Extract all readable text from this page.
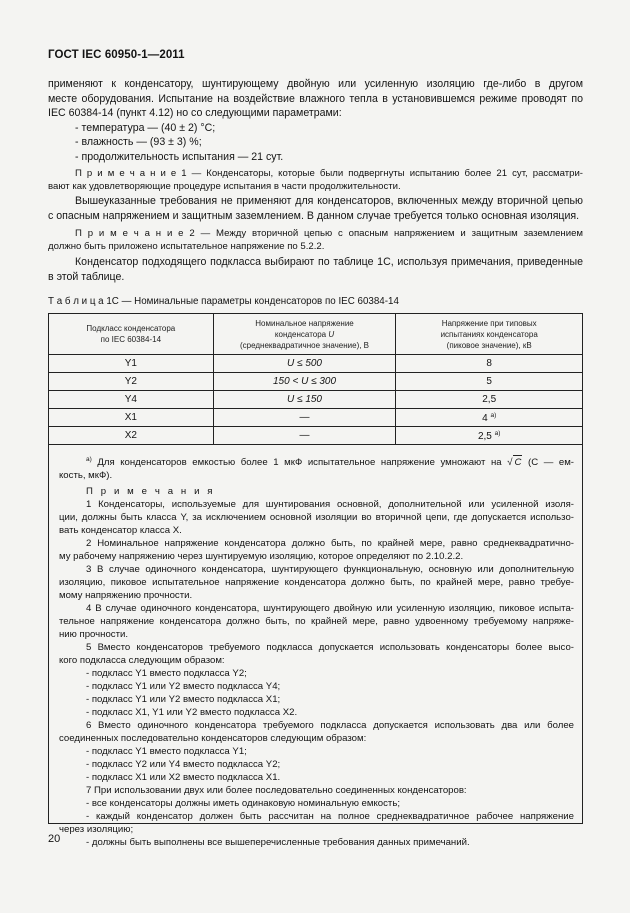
ГОСТ IEC 60950-1—2011
применяют к конденсатору, шунтирующему двойную или усиленную изоляцию где-либо в другом
месте оборудования. Испытание на воздействие влажного тепла в установившемся режиме проводят по
IEC 60384-14 (пункт 4.12) но со следующими параметрами:
- температура — (40 ± 2) °С;
- влажность — (93 ± 3) %;
- продолжительность испытания — 21 сут.
П р и м е ч а н и е 1 — Конденсаторы, которые были подвергнуты испытанию более 21 сут, рассматри-
вают как удовлетворяющие процедуре испытания в части продолжительности.
Вышеуказанные требования не применяют для конденсаторов, включенных между вторичной цепью
с опасным напряжением и защитным заземлением. В данном случае требуется только основная изоляция.
П р и м е ч а н и е 2 — Между вторичной цепью с опасным напряжением и защитным заземлением
должно быть приложено испытательное напряжение по 5.2.2.
Конденсатор подходящего подкласса выбирают по таблице 1С, используя примечания, приведенные
в этой таблице.
Т а б л и ц а 1С — Номинальные параметры конденсаторов по IEC 60384-14
Подкласс конденсатора
по IEC 60384-14	Номинальное напряжение
конденсатора U
(среднеквадратичное значение), В	Напряжение при типовых
испытаниях конденсатора
(пиковое значение), кВ
Y1	U ≤ 500	8
Y2	150 < U ≤ 300	5
Y4	U ≤ 150	2,5
X1	—	4 $^{а)}$
X2	—	2,5 $^{а)}$
$^{а)}$ Для конденсаторов емкостью более 1 мкФ испытательное напряжение умножают на √ C (С — ем-
кость, мкФ).
П р и м е ч а н и я
1 Конденсаторы, используемые для шунтирования основной, дополнительной или усиленной изоля-
ции, должны быть класса Y, за исключением основной изоляции во вторичной цепи, где допускается использо-
вать конденсатор класса X.
2 Номинальное напряжение конденсатора должно быть, по крайней мере, равно среднеквадратично-
му рабочему напряжению через шунтируемую изоляцию, которое определяют по 2.10.2.2.
3 В случае одиночного конденсатора, шунтирующего функциональную, основную или дополнительную
изоляцию, пиковое испытательное напряжение конденсатора должно быть, по крайней мере, равно требуе-
мому напряжению прочности.
4 В случае одиночного конденсатора, шунтирующего двойную или усиленную изоляцию, пиковое испыта-
тельное напряжение конденсатора должно быть, по крайней мере, равно удвоенному требуемому напряже-
нию прочности.
5 Вместо конденсаторов требуемого подкласса допускается использовать конденсаторы более высо-
кого подкласса следующим образом:
- подкласс Y1 вместо подкласса Y2;
- подкласс Y1 или Y2 вместо подкласса Y4;
- подкласс Y1 или Y2 вместо подкласса X1;
- подкласс X1, Y1 или Y2 вместо подкласса X2.
6 Вместо одиночного конденсатора требуемого подкласса допускается использовать два или более
соединенных последовательно конденсаторов следующим образом:
- подкласс Y1 вместо подкласса Y1;
- подкласс Y2 или Y4 вместо подкласса Y2;
- подкласс X1 или X2 вместо подкласса X1.
7 При использовании двух или более последовательно соединенных конденсаторов:
- все конденсаторы должны иметь одинаковую номинальную емкость;
- каждый конденсатор должен быть рассчитан на полное среднеквадратичное рабочее напряжение
через изоляцию;
- должны быть выполнены все вышеперечисленные требования данных примечаний.
20
